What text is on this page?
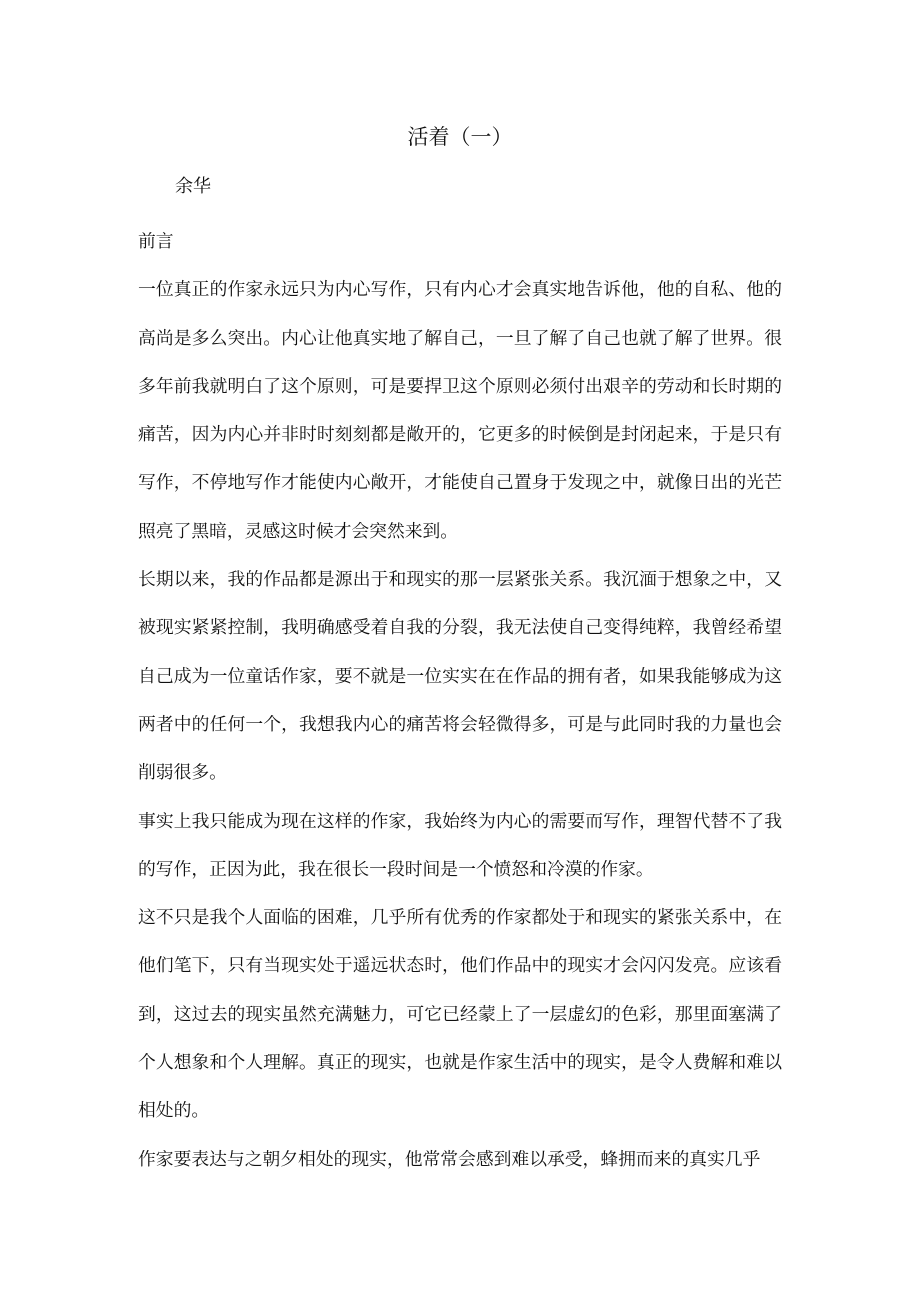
活着（一）
余华

前言

一位真正的作家永远只为内心写作，只有内心才会真实地告诉他，他的自私、他的高尚是多么突出。内心让他真实地了解自己，一旦了解了自己也就了解了世界。很多年前我就明白了这个原则，可是要捍卫这个原则必须付出艰辛的劳动和长时期的痛苦，因为内心并非时时刻刻都是敞开的，它更多的时候倒是封闭起来，于是只有写作，不停地写作才能使内心敞开，才能使自己置身于发现之中，就像日出的光芒照亮了黑暗，灵感这时候才会突然来到。

长期以来，我的作品都是源出于和现实的那一层紧张关系。我沉湎于想象之中，又被现实紧紧控制，我明确感受着自我的分裂，我无法使自己变得纯粹，我曾经希望自己成为一位童话作家，要不就是一位实实在在作品的拥有者，如果我能够成为这两者中的任何一个，我想我内心的痛苦将会轻微得多，可是与此同时我的力量也会削弱很多。

事实上我只能成为现在这样的作家，我始终为内心的需要而写作，理智代替不了我的写作，正因为此，我在很长一段时间是一个愤怒和冷漠的作家。

这不只是我个人面临的困难，几乎所有优秀的作家都处于和现实的紧张关系中，在他们笔下，只有当现实处于遥远状态时，他们作品中的现实才会闪闪发亮。应该看到，这过去的现实虽然充满魅力，可它已经蒙上了一层虚幻的色彩，那里面塞满了个人想象和个人理解。真正的现实，也就是作家生活中的现实，是令人费解和难以相处的。

作家要表达与之朝夕相处的现实，他常常会感到难以承受，蜂拥而来的真实几乎
